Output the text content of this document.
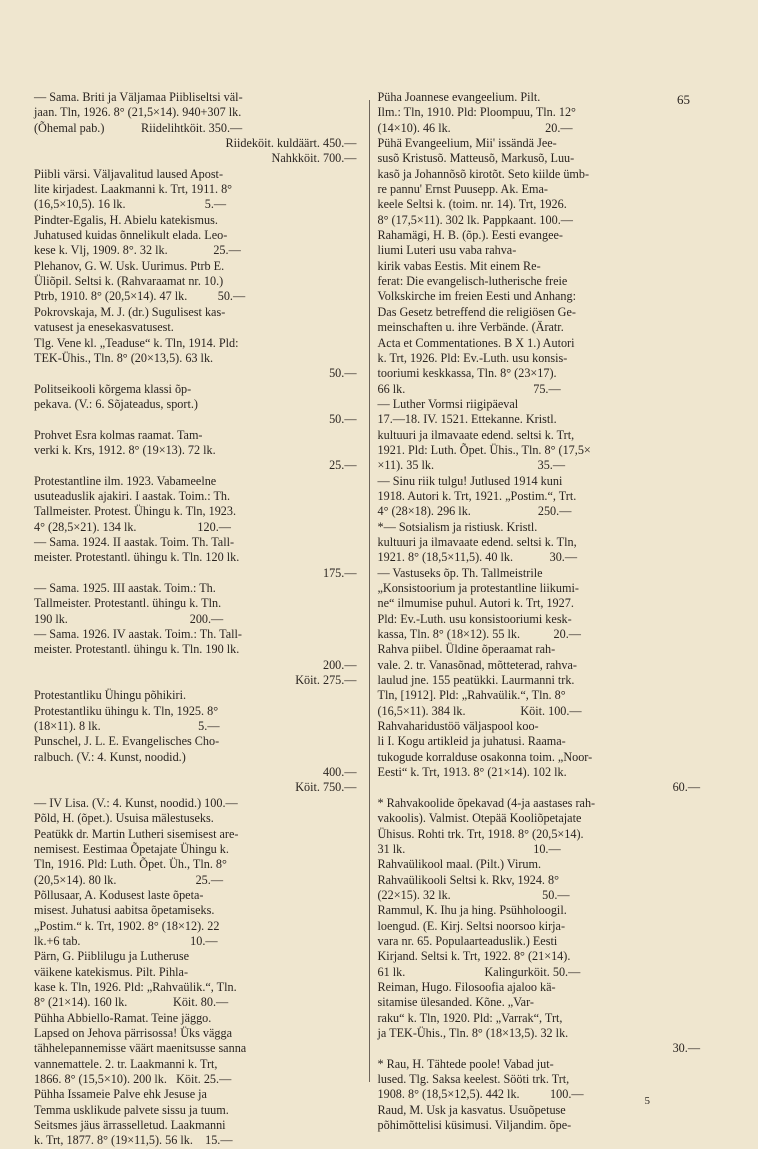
65
— Sama. Briti ja Väljamaa Piibliseltsi väl-
jaan. Tln, 1926. 8° (21,5×14). 940+307 lk.
(Õhemal pab.)            Riidelihtköit. 350.—
Riideköit. kuldäärt. 450.—
Nahkköit. 700.—
Piibli värsi. Väljavalitud laused Apost-
lite kirjadest. Laakmanni k. Trt, 1911. 8°
(16,5×10,5). 16 lk.                          5.—
Pindter-Egalis, H. Abielu katekismus.
Juhatused kuidas õnnelikult elada. Leo-
kese k. Vlj, 1909. 8°. 32 lk.               25.—
Plehanov, G. W. Usk. Uurimus. Ptrb E.
Üliõpil. Seltsi k. (Rahvaraamat nr. 10.)
Ptrb, 1910. 8° (20,5×14). 47 lk.          50.—
Pokrovskaja, M. J. (dr.) Sugulisest kas-
vatusest ja enesekasvatusest.
Tlg. Vene kl. „Teaduse“ k. Tln, 1914. Pld:
TEK-Ühis., Tln. 8° (20×13,5). 63 lk.
50.—
Politseikooli kõrgema klassi õp-
pekava. (V.: 6. Sõjateadus, sport.)
50.—
Prohvet Esra kolmas raamat. Tam-
verki k. Krs, 1912. 8° (19×13). 72 lk.
25.—
Protestantline ilm. 1923. Vabameelne
usuteaduslik ajakiri. I aastak. Toim.: Th.
Tallmeister. Protest. Ühingu k. Tln, 1923.
4° (28,5×21). 134 lk.                    120.—
— Sama. 1924. II aastak. Toim. Th. Tall-
meister. Protestantl. ühingu k. Tln. 120 lk.
175.—
— Sama. 1925. III aastak. Toim.: Th.
Tallmeister. Protestantl. ühingu k. Tln.
190 lk.                                        200.—
— Sama. 1926. IV aastak. Toim.: Th. Tall-
meister. Protestantl. ühingu k. Tln. 190 lk.
200.—
Köit. 275.—
Protestantliku Ühingu põhikiri.
Protestantliku ühingu k. Tln, 1925. 8°
(18×11). 8 lk.                                5.—
Punschel, J. L. E. Evangelisches Cho-
ralbuch. (V.: 4. Kunst, noodid.)
400.—
Köit. 750.—
— IV Lisa. (V.: 4. Kunst, noodid.) 100.—
Põld, H. (õpet.). Usuisa mälestuseks.
Peatükk dr. Martin Lutheri sisemisest are-
nemisest. Eestimaa Õpetajate Ühingu k.
Tln, 1916. Pld: Luth. Õpet. Üh., Tln. 8°
(20,5×14). 80 lk.                          25.—
Põllusaar, A. Kodusest laste õpeta-
misest. Juhatusi aabitsa õpetamiseks.
„Postim.“ k. Trt, 1902. 8° (18×12). 22
lk.+6 tab.                                    10.—
Pärn, G. Piiblilugu ja Lutheruse
väikene katekismus. Pilt. Pihla-
kase k. Tln, 1926. Pld: „Rahvaülik.“, Tln.
8° (21×14). 160 lk.               Köit. 80.—
Pühha Abbiello-Ramat. Teine jäggo.
Lapsed on Jehova pärrisossa! Üks vägga
tähhelepannemisse väärt maenitsusse sanna
vannemattele. 2. tr. Laakmanni k. Trt,
1866. 8° (15,5×10). 200 lk.   Köit. 25.—
Pühha Issameie Palve ehk Jesuse ja
Temma usklikude palvete sissu ja tuum.
Seitsmes jäus ärrasselletud. Laakmanni
k. Trt, 1877. 8° (19×11,5). 56 lk.    15.—
Püha Joannese evangeelium. Pilt.
Ilm.: Tln, 1910. Pld: Ploompuu, Tln. 12°
(14×10). 46 lk.                               20.—
Pühä Evangeelium, Mii' issändä Jee-
susõ Kristusõ. Matteusõ, Markusõ, Luu-
kasõ ja Johannõsõ kirotõt. Seto kiilde ümb-
re pannu' Ernst Puusepp. Ak. Ema-
keele Seltsi k. (toim. nr. 14). Trt, 1926.
8° (17,5×11). 302 lk. Pappkaant. 100.—
Rahamägi, H. B. (õp.). Eesti evangee-
liumi Luteri usu vaba rahva-
kirik vabas Eestis. Mit einem Re-
ferat: Die evangelisch-lutherische freie
Volkskirche im freien Eesti und Anhang:
Das Gesetz betreffend die religiösen Ge-
meinschaften u. ihre Verbände. (Äratr.
Acta et Commentationes. B X 1.) Autori
k. Trt, 1926. Pld: Ev.-Luth. usu konsis-
tooriumi keskkassa, Tln. 8° (23×17).
66 lk.                                          75.—
— Luther Vormsi riigipäeval
17.—18. IV. 1521. Ettekanne. Kristl.
kultuuri ja ilmavaate edend. seltsi k. Trt,
1921. Pld: Luth. Õpet. Ühis., Tln. 8° (17,5×
×11). 35 lk.                                  35.—
— Sinu riik tulgu! Jutlused 1914 kuni
1918. Autori k. Trt, 1921. „Postim.“, Trt.
4° (28×18). 296 lk.                      250.—
*— Sotsialism ja ristiusk. Kristl.
kultuuri ja ilmavaate edend. seltsi k. Tln,
1921. 8° (18,5×11,5). 40 lk.            30.—
— Vastuseks õp. Th. Tallmeistrile
„Konsistoorium ja protestantline liikumi-
ne“ ilmumise puhul. Autori k. Trt, 1927.
Pld: Ev.-Luth. usu konsistooriumi kesk-
kassa, Tln. 8° (18×12). 55 lk.           20.—
Rahva piibel. Üldine õperaamat rah-
vale. 2. tr. Vanasõnad, mõtteterad, rahva-
laulud jne. 155 peatükki. Laurmanni trk.
Tln, [1912]. Pld: „Rahvaülik.“, Tln. 8°
(16,5×11). 384 lk.                  Köit. 100.—
Rahvaharidustöö väljaspool koo-
li I. Kogu artikleid ja juhatusi. Raama-
tukogude korralduse osakonna toim. „Noor-
Eesti“ k. Trt, 1913. 8° (21×14). 102 lk.
60.—
* Rahvakoolide õpekavad (4-ja aastases rah-
vakoolis). Valmist. Otepää Kooliõpetajate
Ühisus. Rohti trk. Trt, 1918. 8° (20,5×14).
31 lk.                                          10.—
Rahvaülikool maal. (Pilt.) Virum.
Rahvaülikooli Seltsi k. Rkv, 1924. 8°
(22×15). 32 lk.                              50.—
Rammul, K. Ihu ja hing. Psühholoogil.
loengud. (E. Kirj. Seltsi noorsoo kirja-
vara nr. 65. Populaarteaduslik.) Eesti
Kirjand. Seltsi k. Trt, 1922. 8° (21×14).
61 lk.                          Kalingurköit. 50.—
Reiman, Hugo. Filosoofia ajaloo kä-
sitamise ülesanded. Kõne. „Var-
raku“ k. Tln, 1920. Pld: „Varrak“, Trt,
ja TEK-Ühis., Tln. 8° (18×13,5). 32 lk.
30.—
* Rau, H. Tähtede poole! Vabad jut-
lused. Tlg. Saksa keelest. Sööti trk. Trt,
1908. 8° (18,5×12,5). 442 lk.          100.—
Raud, M. Usk ja kasvatus. Usuõpetuse
põhimõttelisi küsimusi. Viljandim. õpe-
5
